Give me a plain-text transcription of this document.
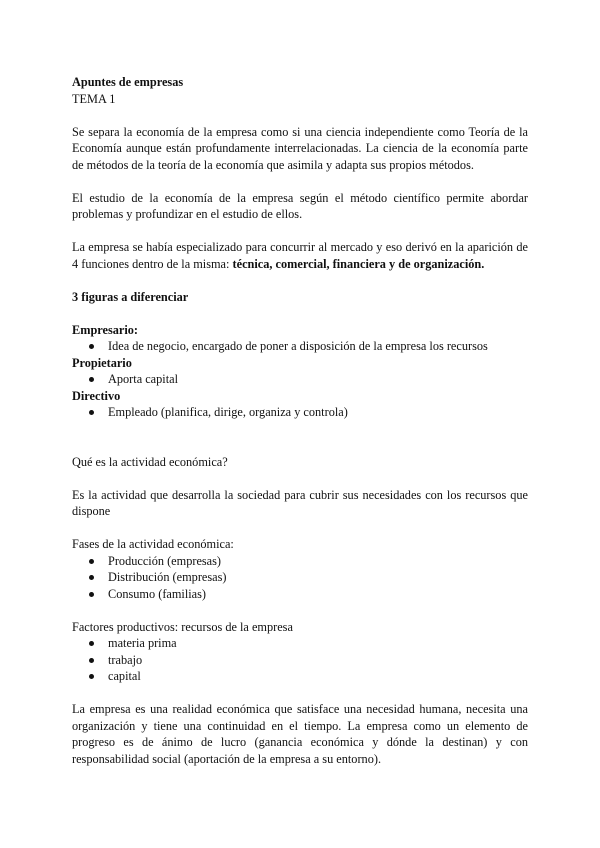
Apuntes de empresas

TEMA 1

Se separa la economía de la empresa como si una ciencia independiente como Teoría de la Economía aunque están profundamente interrelacionadas. La ciencia de la economía parte de métodos de la teoría de la economía que asimila y adapta sus propios métodos.

El estudio de la economía de la empresa según el método científico permite abordar problemas y profundizar en el estudio de ellos.

La empresa se había especializado para concurrir al mercado y eso derivó en la aparición de 4 funciones dentro de la misma: técnica, comercial, financiera y de organización.

3 figuras a diferenciar

Empresario:

Idea de negocio, encargado de poner a disposición de la empresa los recursos

Propietario

Aporta capital

Directivo

Empleado (planifica, dirige, organiza y controla)

Qué es la actividad económica?

Es la actividad que desarrolla la sociedad para cubrir sus necesidades con los recursos que dispone

Fases de la actividad económica:

Producción (empresas)
Distribución (empresas)
Consumo (familias)

Factores productivos: recursos de la empresa

materia prima
trabajo
capital

La empresa es una realidad económica que satisface una necesidad humana, necesita una organización y tiene una continuidad en el tiempo. La empresa como un elemento de progreso es de ánimo de lucro (ganancia económica y dónde la destinan) y con responsabilidad social (aportación de la empresa a su entorno).
